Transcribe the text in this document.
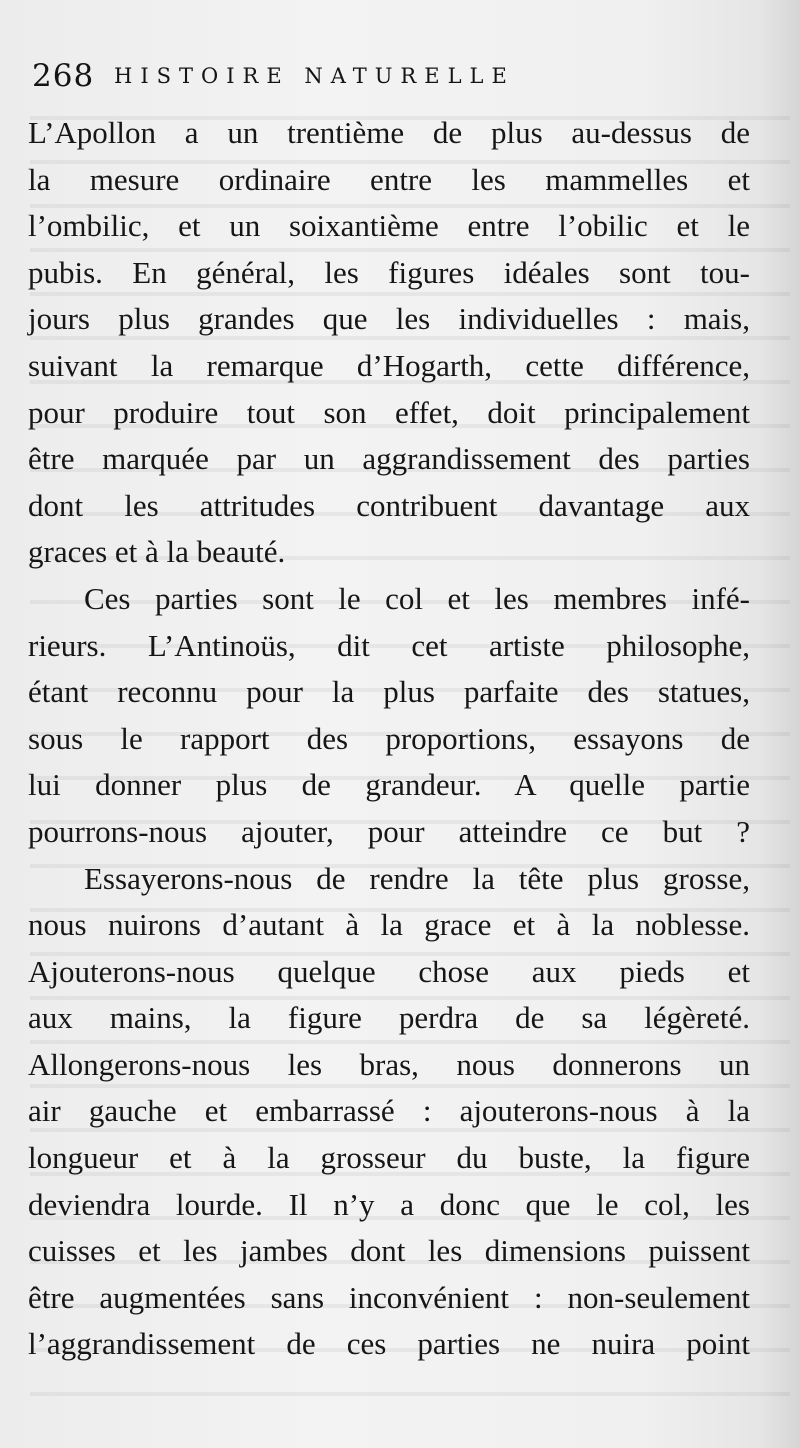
268 HISTOIRE NATURELLE
L’Apollon a un trentième de plus au-dessus de
la mesure ordinaire entre les mammelles et
l’ombilic, et un soixantième entre l’obilic et le
pubis. En général, les figures idéales sont tou-
jours plus grandes que les individuelles : mais,
suivant la remarque d’Hogarth, cette différence,
pour produire tout son effet, doit principalement
être marquée par un aggrandissement des parties
dont les attritudes contribuent davantage aux
graces et à la beauté.
Ces parties sont le col et les membres infé-
rieurs. L’Antinoüs, dit cet artiste philosophe,
étant reconnu pour la plus parfaite des statues,
sous le rapport des proportions, essayons de
lui donner plus de grandeur. A quelle partie
pourrons-nous ajouter, pour atteindre ce but ?
Essayerons-nous de rendre la tête plus grosse,
nous nuirons d’autant à la grace et à la noblesse.
Ajouterons-nous quelque chose aux pieds et
aux mains, la figure perdra de sa légèreté.
Allongerons-nous les bras, nous donnerons un
air gauche et embarrassé : ajouterons-nous à la
longueur et à la grosseur du buste, la figure
deviendra lourde. Il n’y a donc que le col, les
cuisses et les jambes dont les dimensions puissent
être augmentées sans inconvénient : non-seulement
l’aggrandissement de ces parties ne nuira point
